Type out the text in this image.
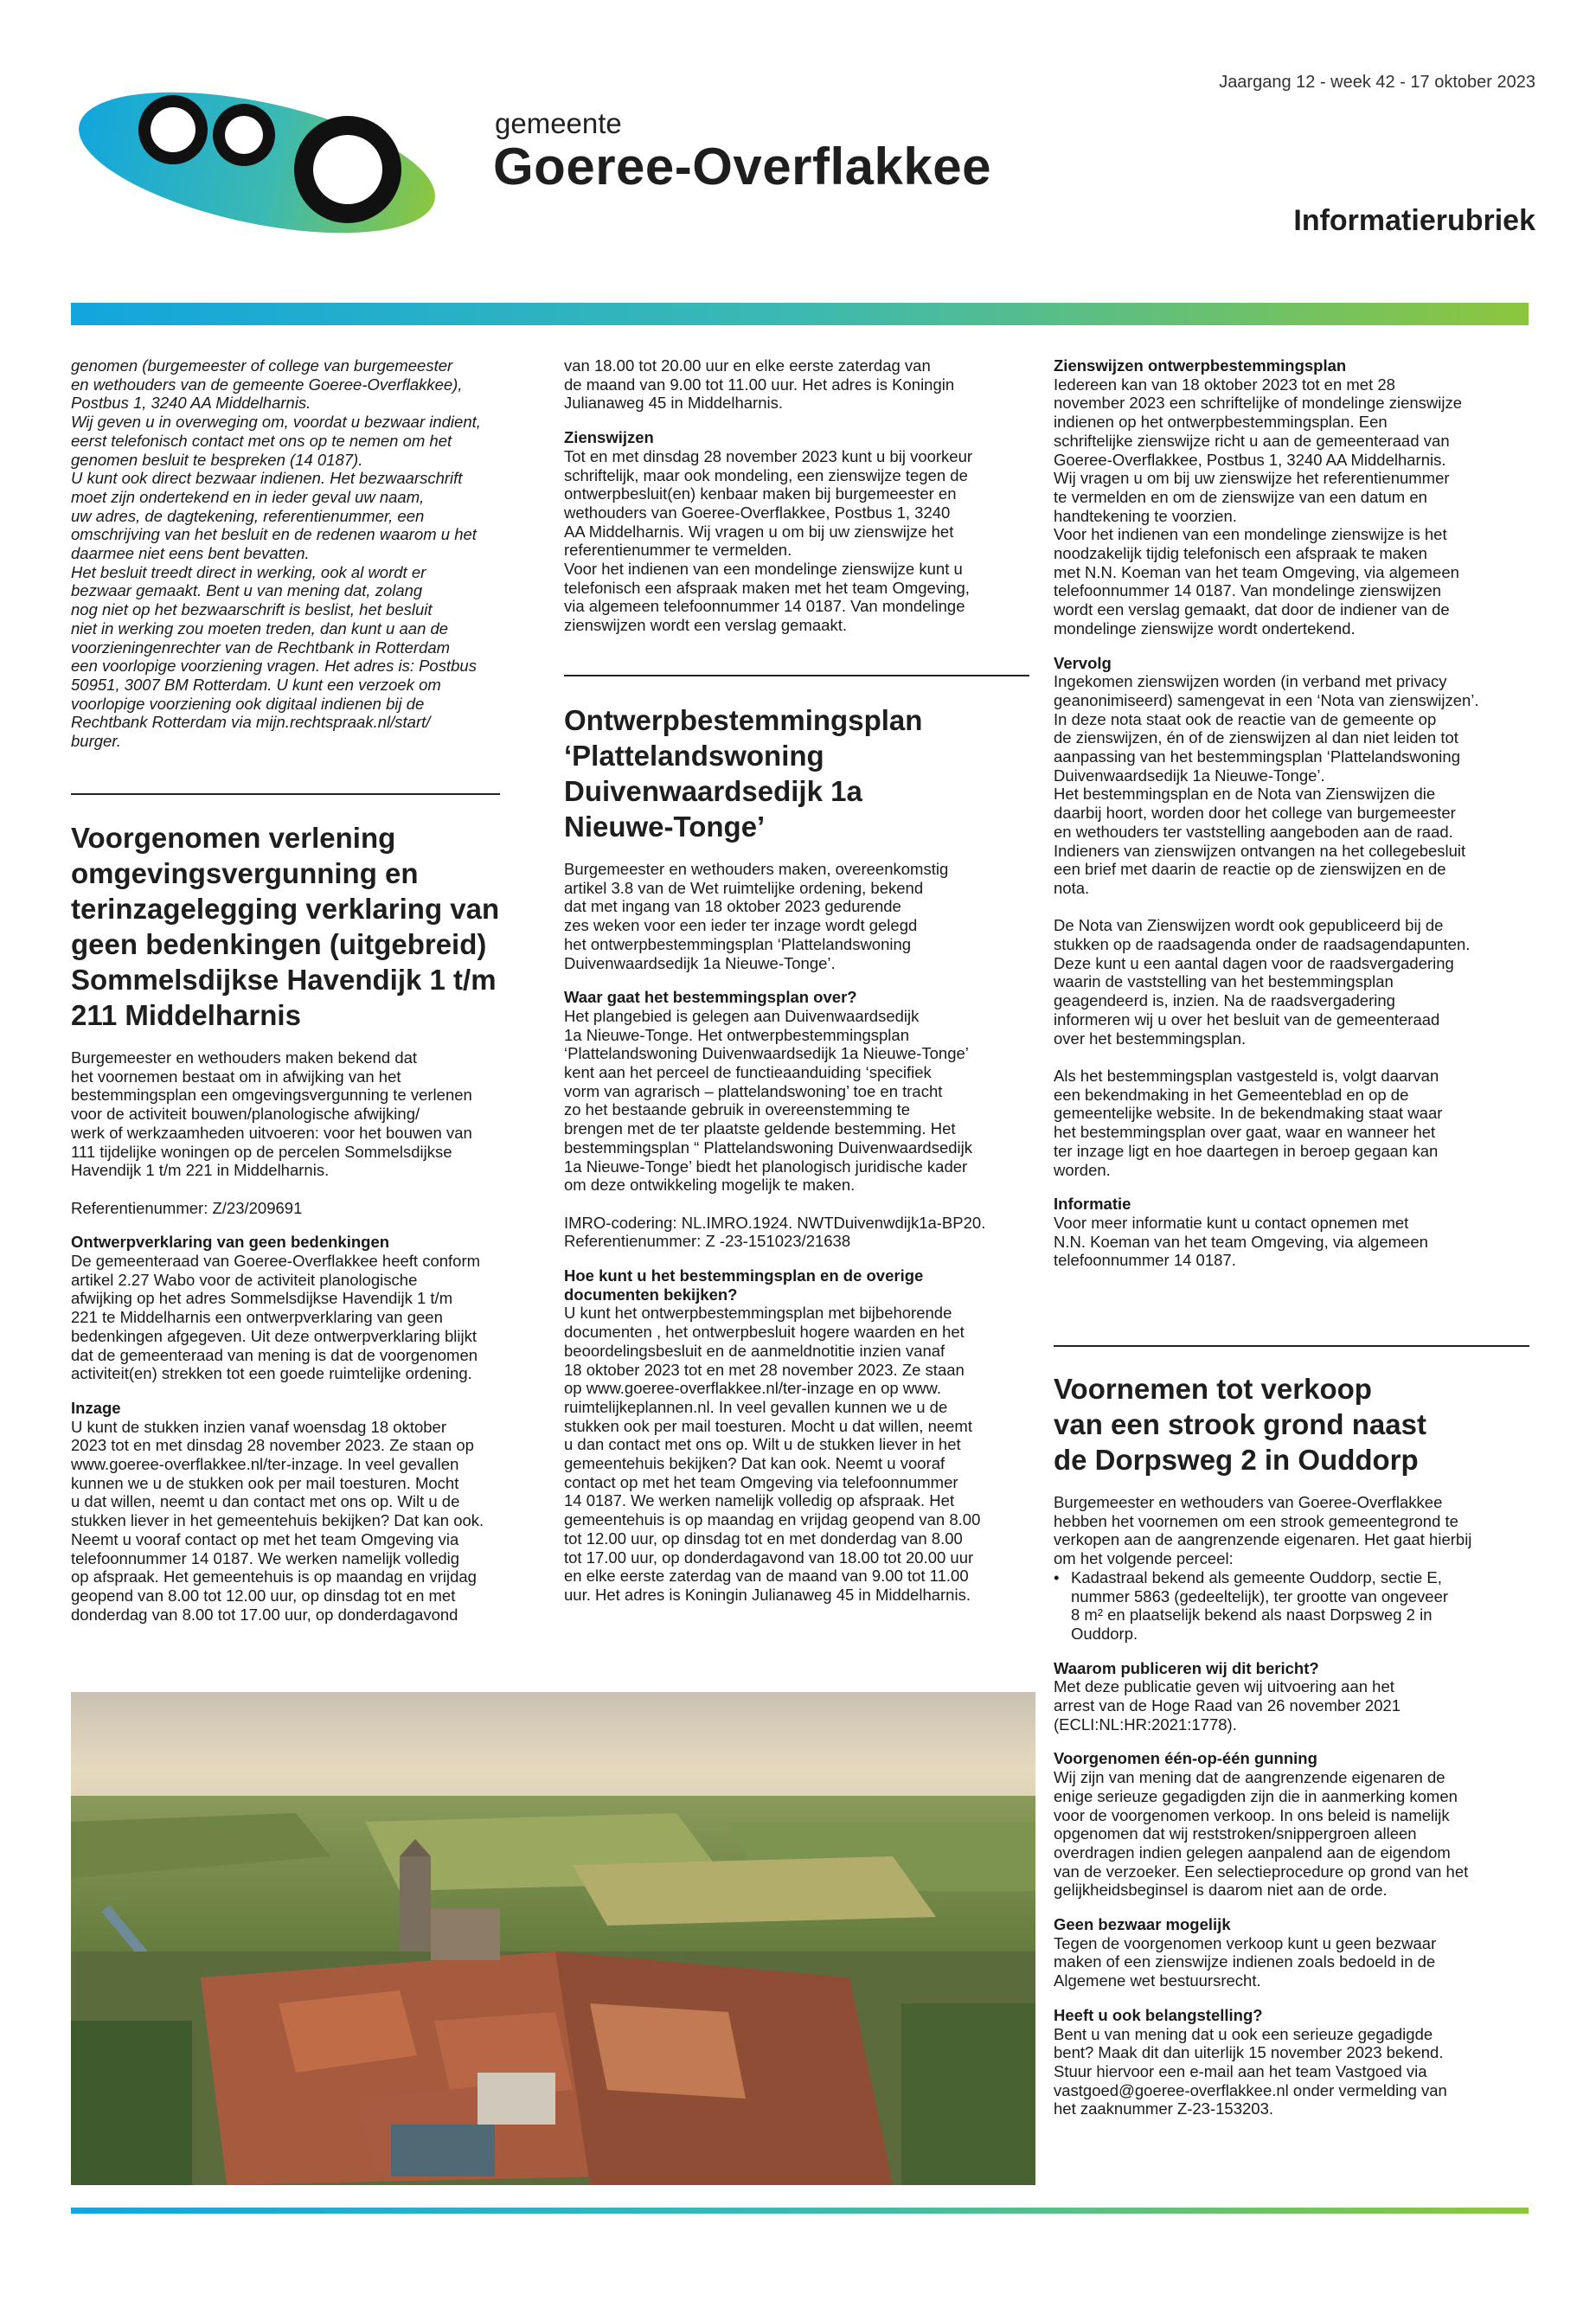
Jaargang 12 - week 42 - 17 oktober 2023
gemeente
Goeree-Overflakkee
Informatierubriek

genomen (burgemeester of college van burgemeester

en wethouders van de gemeente Goeree-Overflakkee),

Postbus 1, 3240 AA Middelharnis.

Wij geven u in overweging om, voordat u bezwaar indient,

eerst telefonisch contact met ons op te nemen om het

genomen besluit te bespreken (14 0187).

U kunt ook direct bezwaar indienen. Het bezwaarschrift

moet zijn ondertekend en in ieder geval uw naam,

uw adres, de dagtekening, referentienummer, een

omschrijving van het besluit en de redenen waarom u het

daarmee niet eens bent bevatten.

Het besluit treedt direct in werking, ook al wordt er

bezwaar gemaakt. Bent u van mening dat, zolang

nog niet op het bezwaarschrift is beslist, het besluit

niet in werking zou moeten treden, dan kunt u aan de

voorzieningenrechter van de Rechtbank in Rotterdam

een voorlopige voorziening vragen. Het adres is: Postbus

50951, 3007 BM Rotterdam. U kunt een verzoek om

voorlopige voorziening ook digitaal indienen bij de

Rechtbank Rotterdam via mijn.rechtspraak.nl/start/

burger.

Voorgenomen verlening

omgevingsvergunning en

terinzagelegging verklaring van

geen bedenkingen (uitgebreid)

Sommelsdijkse Havendijk 1 t/m

211 Middelharnis

Burgemeester en wethouders maken bekend dat

het voornemen bestaat om in afwijking van het

bestemmingsplan een omgevingsvergunning te verlenen

voor de activiteit bouwen/planologische afwijking/

werk of werkzaamheden uitvoeren: voor het bouwen van

111 tijdelijke woningen op de percelen Sommelsdijkse

Havendijk 1 t/m 221 in Middelharnis.

Referentienummer: Z/23/209691

Ontwerpverklaring van geen bedenkingen

De gemeenteraad van Goeree-Overflakkee heeft conform

artikel 2.27 Wabo voor de activiteit planologische

afwijking op het adres Sommelsdijkse Havendijk 1 t/m

221 te Middelharnis een ontwerpverklaring van geen

bedenkingen afgegeven. Uit deze ontwerpverklaring blijkt

dat de gemeenteraad van mening is dat de voorgenomen

activiteit(en) strekken tot een goede ruimtelijke ordening.

Inzage

U kunt de stukken inzien vanaf woensdag 18 oktober

2023 tot en met dinsdag 28 november 2023. Ze staan op

www.goeree-overflakkee.nl/ter-inzage. In veel gevallen

kunnen we u de stukken ook per mail toesturen. Mocht

u dat willen, neemt u dan contact met ons op. Wilt u de

stukken liever in het gemeentehuis bekijken? Dat kan ook.

Neemt u vooraf contact op met het team Omgeving via

telefoonnummer 14 0187. We werken namelijk volledig

op afspraak. Het gemeentehuis is op maandag en vrijdag

geopend van 8.00 tot 12.00 uur, op dinsdag tot en met

donderdag van 8.00 tot 17.00 uur, op donderdagavond

van 18.00 tot 20.00 uur en elke eerste zaterdag van

de maand van 9.00 tot 11.00 uur. Het adres is Koningin

Julianaweg 45 in Middelharnis.

Zienswijzen

Tot en met dinsdag 28 november 2023 kunt u bij voorkeur

schriftelijk, maar ook mondeling, een zienswijze tegen de

ontwerpbesluit(en) kenbaar maken bij burgemeester en

wethouders van Goeree-Overflakkee, Postbus 1, 3240

AA Middelharnis. Wij vragen u om bij uw zienswijze het

referentienummer te vermelden.

Voor het indienen van een mondelinge zienswijze kunt u

telefonisch een afspraak maken met het team Omgeving,

via algemeen telefoonnummer 14 0187. Van mondelinge

zienswijzen wordt een verslag gemaakt.

Ontwerpbestemmingsplan

‘Plattelandswoning

Duivenwaardsedijk 1a

Nieuwe-Tonge’

Burgemeester en wethouders maken, overeenkomstig

artikel 3.8 van de Wet ruimtelijke ordening, bekend

dat met ingang van 18 oktober 2023 gedurende

zes weken voor een ieder ter inzage wordt gelegd

het ontwerpbestemmingsplan ‘Plattelandswoning

Duivenwaardsedijk 1a Nieuwe-Tonge’.

Waar gaat het bestemmingsplan over?

Het plangebied is gelegen aan Duivenwaardsedijk

1a Nieuwe-Tonge. Het ontwerpbestemmingsplan

‘Plattelandswoning Duivenwaardsedijk 1a Nieuwe-Tonge’

kent aan het perceel de functieaanduiding ‘specifiek

vorm van agrarisch – plattelandswoning’ toe en tracht

zo het bestaande gebruik in overeenstemming te

brengen met de ter plaatste geldende bestemming. Het

bestemmingsplan “ Plattelandswoning Duivenwaardsedijk

1a Nieuwe-Tonge’ biedt het planologisch juridische kader

om deze ontwikkeling mogelijk te maken.

IMRO-codering: NL.IMRO.1924. NWTDuivenwdijk1a-BP20.

Referentienummer: Z -23-151023/21638

Hoe kunt u het bestemmingsplan en de overige

documenten bekijken?

U kunt het ontwerpbestemmingsplan met bijbehorende

documenten , het ontwerpbesluit hogere waarden en het

beoordelingsbesluit en de aanmeldnotitie inzien vanaf

18 oktober 2023 tot en met 28 november 2023. Ze staan

op www.goeree-overflakkee.nl/ter-inzage en op www.

ruimtelijkeplannen.nl. In veel gevallen kunnen we u de

stukken ook per mail toesturen. Mocht u dat willen, neemt

u dan contact met ons op. Wilt u de stukken liever in het

gemeentehuis bekijken? Dat kan ook. Neemt u vooraf

contact op met het team Omgeving via telefoonnummer

14 0187. We werken namelijk volledig op afspraak. Het

gemeentehuis is op maandag en vrijdag geopend van 8.00

tot 12.00 uur, op dinsdag tot en met donderdag van 8.00

tot 17.00 uur, op donderdagavond van 18.00 tot 20.00 uur

en elke eerste zaterdag van de maand van 9.00 tot 11.00

uur. Het adres is Koningin Julianaweg 45 in Middelharnis.

Zienswijzen ontwerpbestemmingsplan

Iedereen kan van 18 oktober 2023 tot en met 28

november 2023 een schriftelijke of mondelinge zienswijze

indienen op het ontwerpbestemmingsplan. Een

schriftelijke zienswijze richt u aan de gemeenteraad van

Goeree-Overflakkee, Postbus 1, 3240 AA Middelharnis.

Wij vragen u om bij uw zienswijze het referentienummer

te vermelden en om de zienswijze van een datum en

handtekening te voorzien.

Voor het indienen van een mondelinge zienswijze is het

noodzakelijk tijdig telefonisch een afspraak te maken

met N.N. Koeman van het team Omgeving, via algemeen

telefoonnummer 14 0187. Van mondelinge zienswijzen

wordt een verslag gemaakt, dat door de indiener van de

mondelinge zienswijze wordt ondertekend.

Vervolg

Ingekomen zienswijzen worden (in verband met privacy

geanonimiseerd) samengevat in een ‘Nota van zienswijzen’.

In deze nota staat ook de reactie van de gemeente op

de zienswijzen, én of de zienswijzen al dan niet leiden tot

aanpassing van het bestemmingsplan ‘Plattelandswoning

Duivenwaardsedijk 1a Nieuwe-Tonge’.

Het bestemmingsplan en de Nota van Zienswijzen die

daarbij hoort, worden door het college van burgemeester

en wethouders ter vaststelling aangeboden aan de raad.

Indieners van zienswijzen ontvangen na het collegebesluit

een brief met daarin de reactie op de zienswijzen en de

nota.

De Nota van Zienswijzen wordt ook gepubliceerd bij de

stukken op de raadsagenda onder de raadsagendapunten.

Deze kunt u een aantal dagen voor de raadsvergadering

waarin de vaststelling van het bestemmingsplan

geagendeerd is, inzien. Na de raadsvergadering

informeren wij u over het besluit van de gemeenteraad

over het bestemmingsplan.

Als het bestemmingsplan vastgesteld is, volgt daarvan

een bekendmaking in het Gemeenteblad en op de

gemeentelijke website. In de bekendmaking staat waar

het bestemmingsplan over gaat, waar en wanneer het

ter inzage ligt en hoe daartegen in beroep gegaan kan

worden.

Informatie

Voor meer informatie kunt u contact opnemen met

N.N. Koeman van het team Omgeving, via algemeen

telefoonnummer 14 0187.

Voornemen tot verkoop

van een strook grond naast

de Dorpsweg 2 in Ouddorp

Burgemeester en wethouders van Goeree-Overflakkee

hebben het voornemen om een strook gemeentegrond te

verkopen aan de aangrenzende eigenaren. Het gaat hierbij

om het volgende perceel:

• Kadastraal bekend als gemeente Ouddorp, sectie E,

nummer 5863 (gedeeltelijk), ter grootte van ongeveer

8 m² en plaatselijk bekend als naast Dorpsweg 2 in

Ouddorp.

Waarom publiceren wij dit bericht?

Met deze publicatie geven wij uitvoering aan het

arrest van de Hoge Raad van 26 november 2021

(ECLI:NL:HR:2021:1778).

Voorgenomen één-op-één gunning

Wij zijn van mening dat de aangrenzende eigenaren de

enige serieuze gegadigden zijn die in aanmerking komen

voor de voorgenomen verkoop. In ons beleid is namelijk

opgenomen dat wij reststroken/snippergroen alleen

overdragen indien gelegen aanpalend aan de eigendom

van de verzoeker. Een selectieprocedure op grond van het

gelijkheidsbeginsel is daarom niet aan de orde.

Geen bezwaar mogelijk

Tegen de voorgenomen verkoop kunt u geen bezwaar

maken of een zienswijze indienen zoals bedoeld in de

Algemene wet bestuursrecht.

Heeft u ook belangstelling?

Bent u van mening dat u ook een serieuze gegadigde

bent? Maak dit dan uiterlijk 15 november 2023 bekend.

Stuur hiervoor een e-mail aan het team Vastgoed via

vastgoed@goeree-overflakkee.nl onder vermelding van

het zaaknummer Z-23-153203.
